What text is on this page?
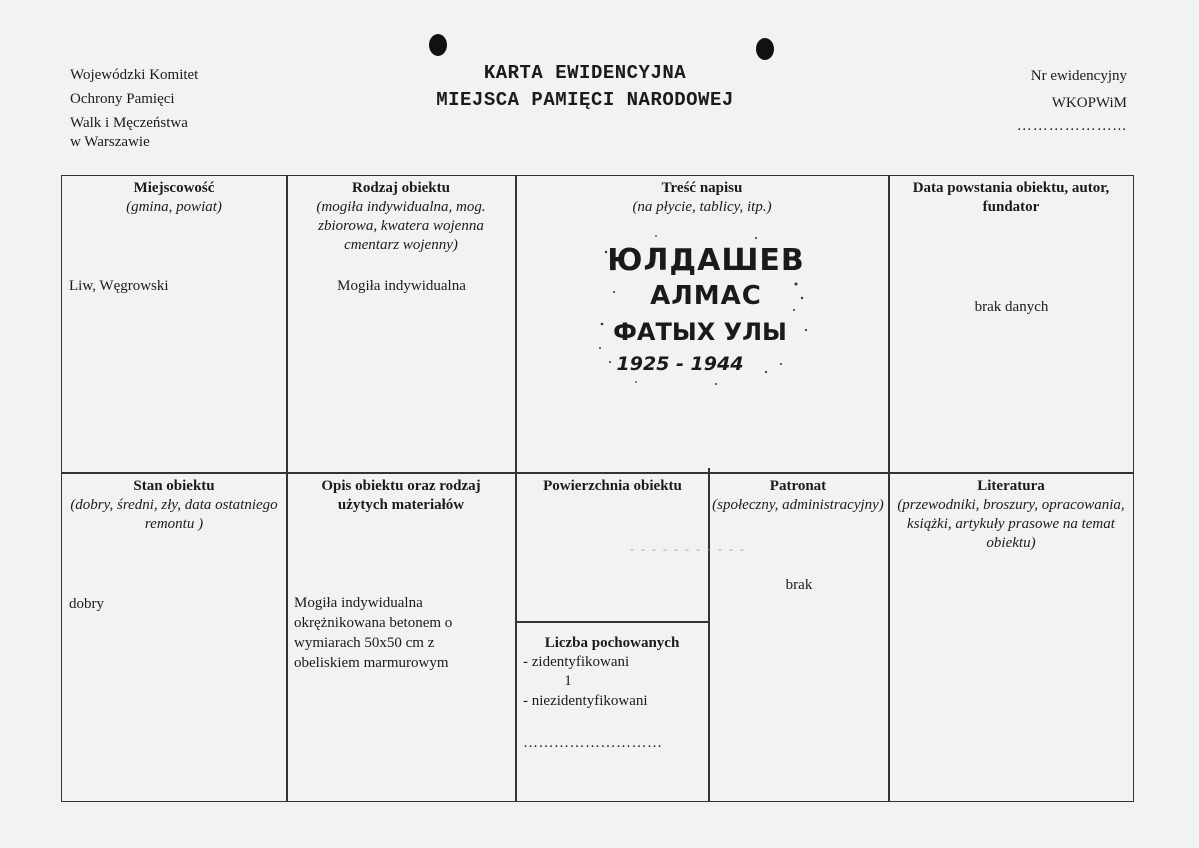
Wojewódzki Komitet
Ochrony Pamięci
Walk i Męczeństwa
w Warszawie
KARTA EWIDENCYJNA
MIEJSCA PAMIĘCI NARODOWEJ
Nr ewidencyjny
WKOPWiM
………………...
Miejscowość
(gmina, powiat)
Liw, Węgrowski
Rodzaj obiektu
(mogiła indywidualna, mog. zbiorowa, kwatera wojenna cmentarz wojenny)
Mogiła indywidualna
Treść napisu
(na płycie, tablicy, itp.)
ЮЛДАШЕВ
АЛМАС
ФАТЫХ УЛЫ
1925 - 1944
Data powstania obiektu, autor, fundator
brak danych
Stan obiektu
(dobry, średni, zły, data ostatniego remontu )
dobry
Opis obiektu oraz rodzaj użytych materiałów
Mogiła indywidualna okrężnikowana betonem o wymiarach 50x50 cm z obeliskiem marmurowym
Powierzchnia obiektu
- - - - - - - - - - -
Patronat
(społeczny, administracyjny)
brak
Literatura
(przewodniki, broszury, opracowania, książki, artykuły prasowe na temat obiektu)
Liczba pochowanych
- zidentyfikowani
1
- niezidentyfikowani
………………………
